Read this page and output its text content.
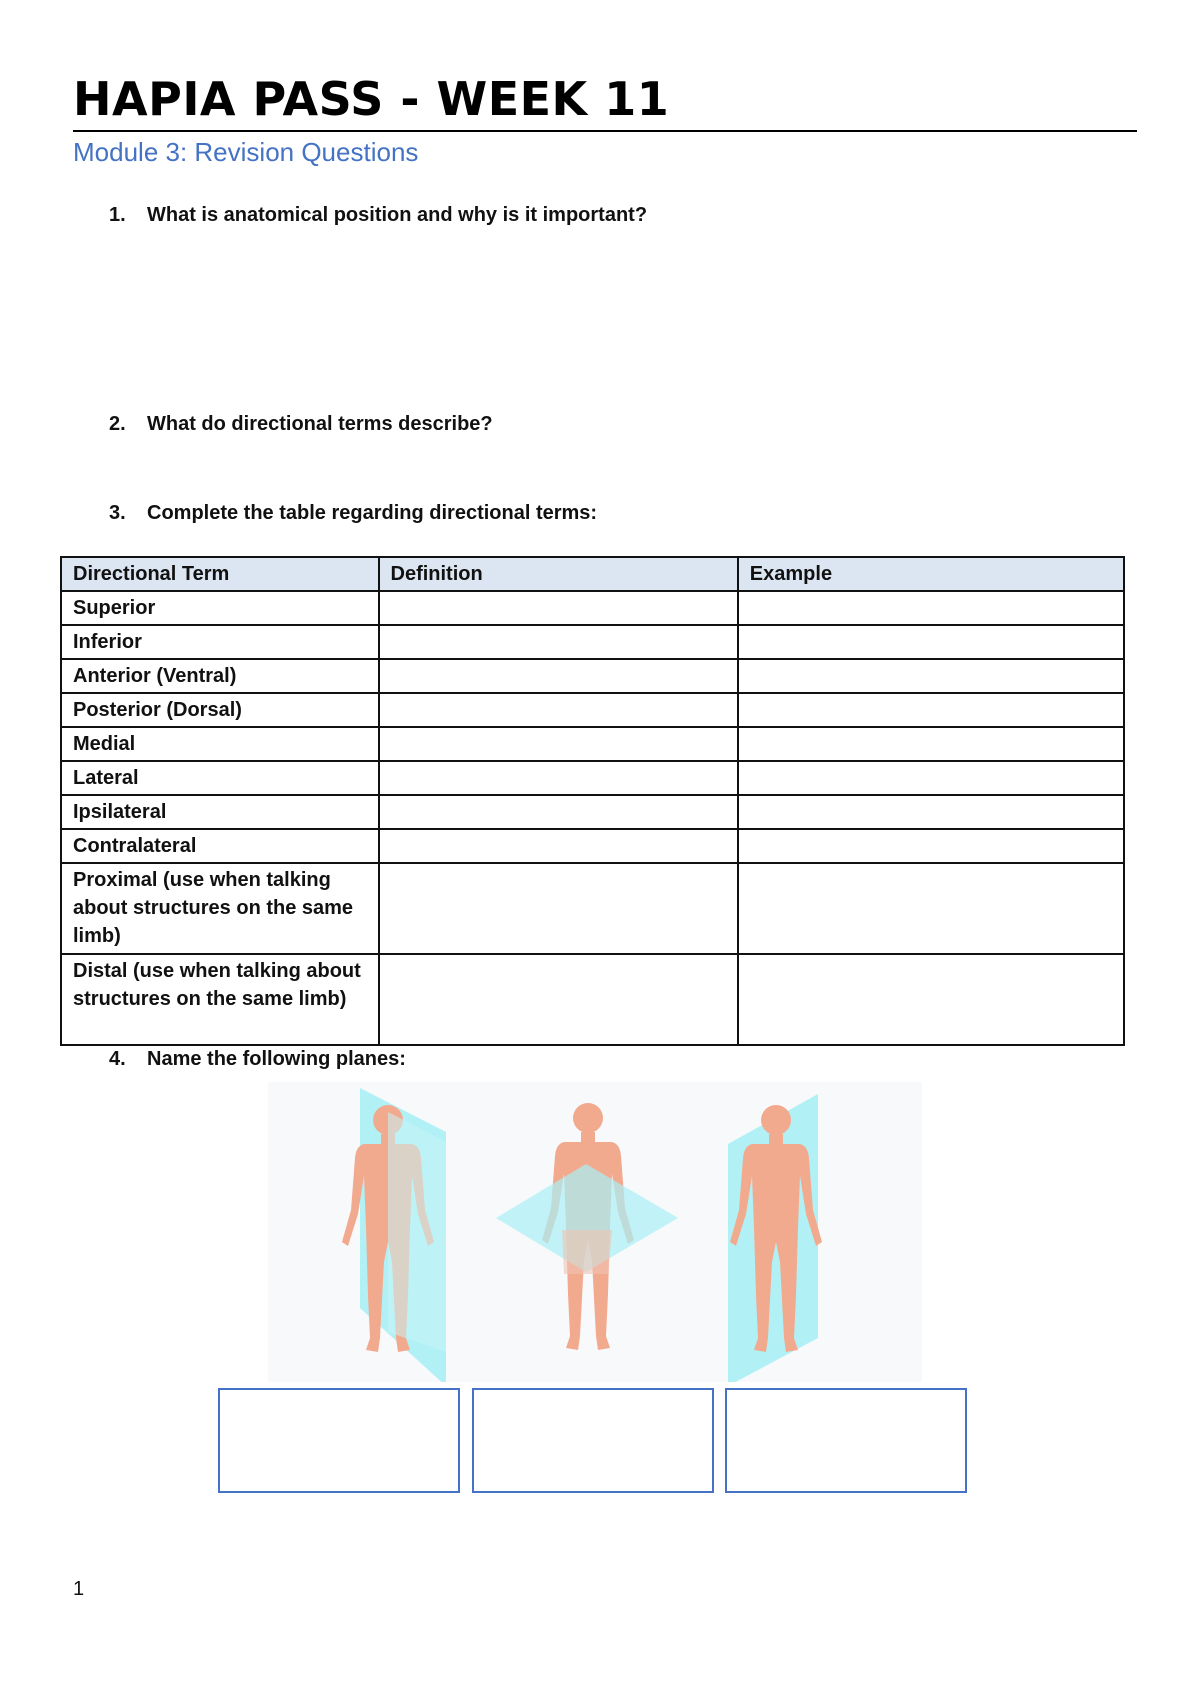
HAPIA PASS - WEEK 11
Module 3: Revision Questions
1. What is anatomical position and why is it important?
2. What do directional terms describe?
3. Complete the table regarding directional terms:
Directional Term	Definition	Example
Superior		
Inferior		
Anterior (Ventral)		
Posterior (Dorsal)		
Medial		
Lateral		
Ipsilateral		
Contralateral		
Proximal (use when talking about structures on the same limb)		
Distal (use when talking about structures on the same limb)		
4. Name the following planes:
1
